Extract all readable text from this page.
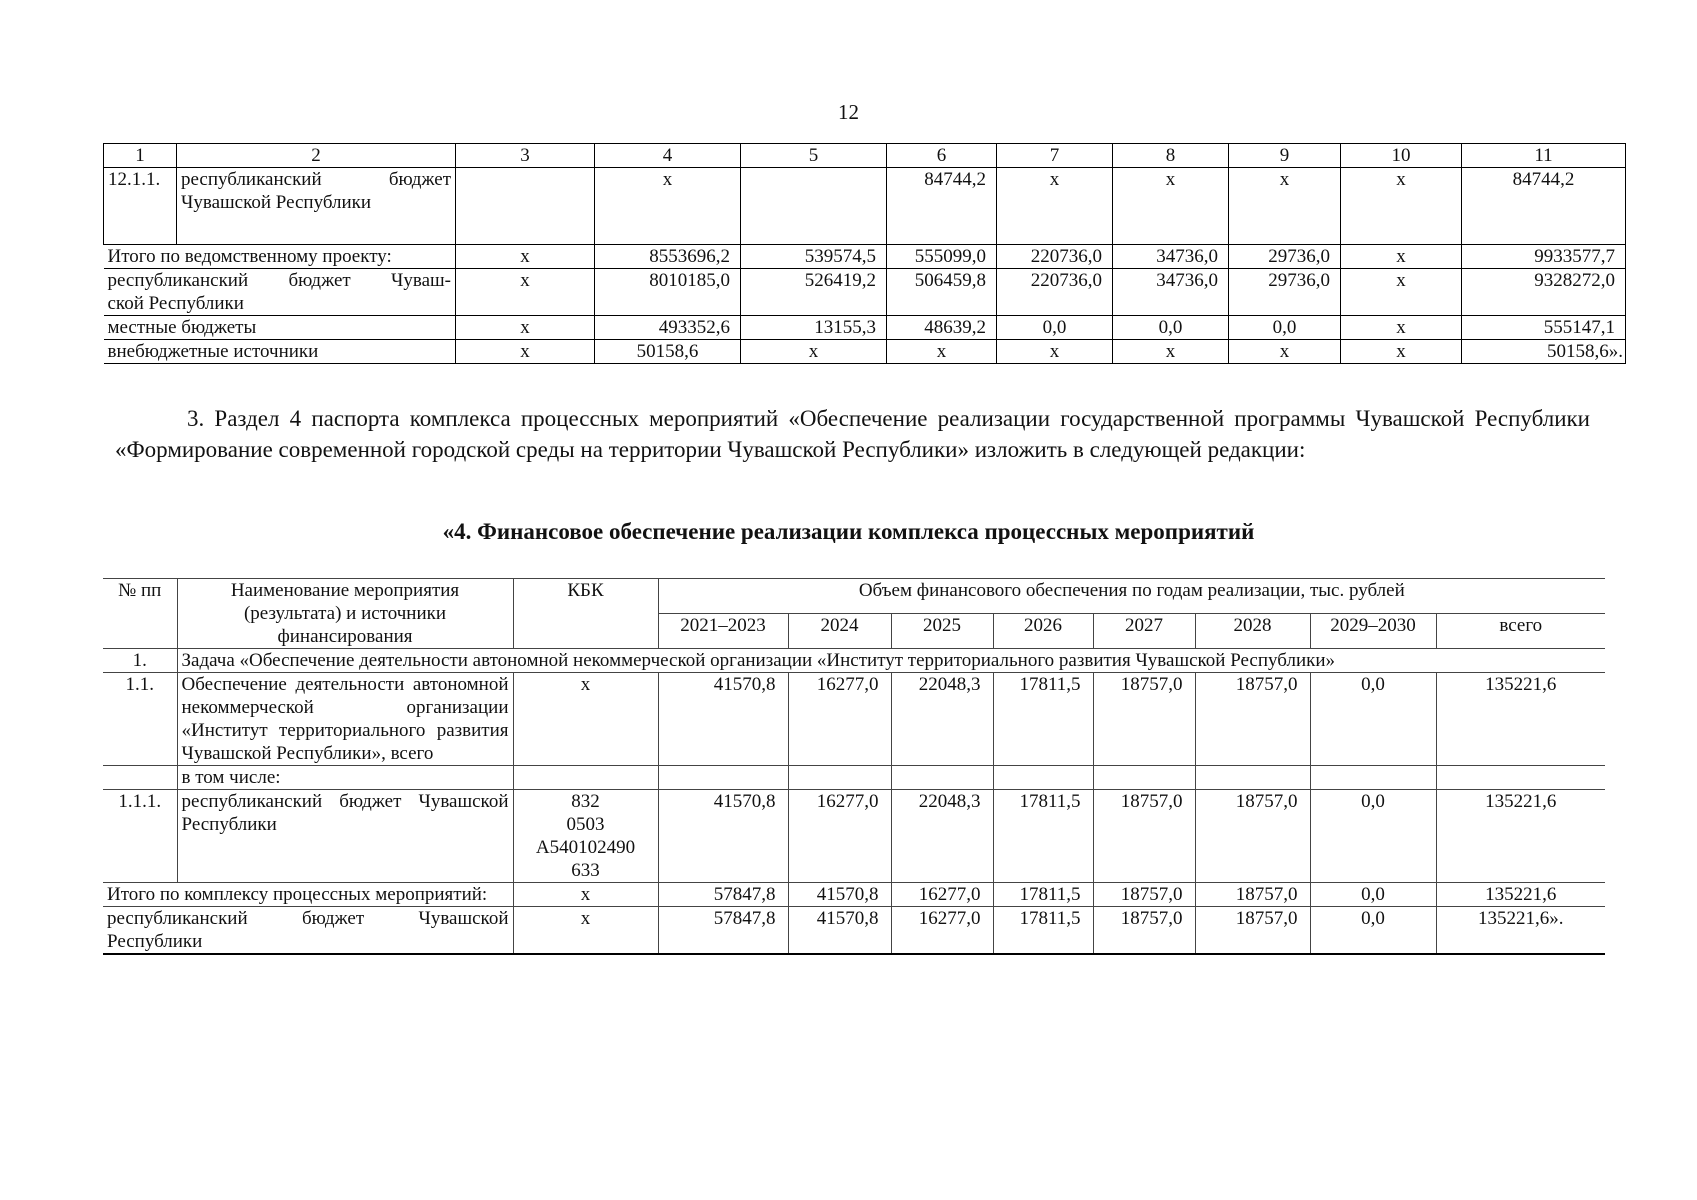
12
1	2	3	4	5	6	7	8	9	10	11
12.1.1.	республиканский бюджет
Чувашской Республики		х		84744,2	х	х	х	х	84744,2
Итого по ведомственному проекту:		х	8553696,2	539574,5	555099,0	220736,0	34736,0	29736,0	х	9933577,7

республиканский бюджет Чуваш-
ской Республики		х	8010185,0	526419,2	506459,8	220736,0	34736,0	29736,0	х	9328272,0
местные бюджеты		х	493352,6	13155,3	48639,2	0,0	0,0	0,0	х	555147,1
внебюджетные источники		х	50158,6	х	х	х	х	х	х	50158,6».
3. Раздел 4 паспорта комплекса процессных мероприятий «Обеспечение реализации государственной программы Чувашской Республики «Формирование современной городской среды на территории Чувашской Республики» изложить в следующей редакции:
«4. Финансовое обеспечение реализации комплекса процессных мероприятий
№ пп	Наименование мероприятия (результата) и источники финансирования	КБК	Объем финансового обеспечения по годам реализации, тыс. рублей							
			2021–2023	2024	2025	2026	2027	2028	2029–2030	всего
1.	Задача «Обеспечение деятельности автономной некоммерческой организации «Институт территориального развития Чувашской Республики»									
1.1.	Обеспечение деятельности автономной некоммерческой организации «Институт территориального развития Чувашской Республики», всего	х	41570,8	16277,0	22048,3	17811,5	18757,0	18757,0	0,0	135221,6
	в том числе:									
1.1.1.	республиканский бюджет Чувашской Республики	832
0503
А540102490
633	41570,8	16277,0	22048,3	17811,5	18757,0	18757,0	0,0	135221,6
Итого по комплексу процессных мероприятий:		х	57847,8	41570,8	16277,0	17811,5	18757,0	18757,0	0,0	135221,6
республиканский бюджет Чувашской Республики		х	57847,8	41570,8	16277,0	17811,5	18757,0	18757,0	0,0	135221,6».
